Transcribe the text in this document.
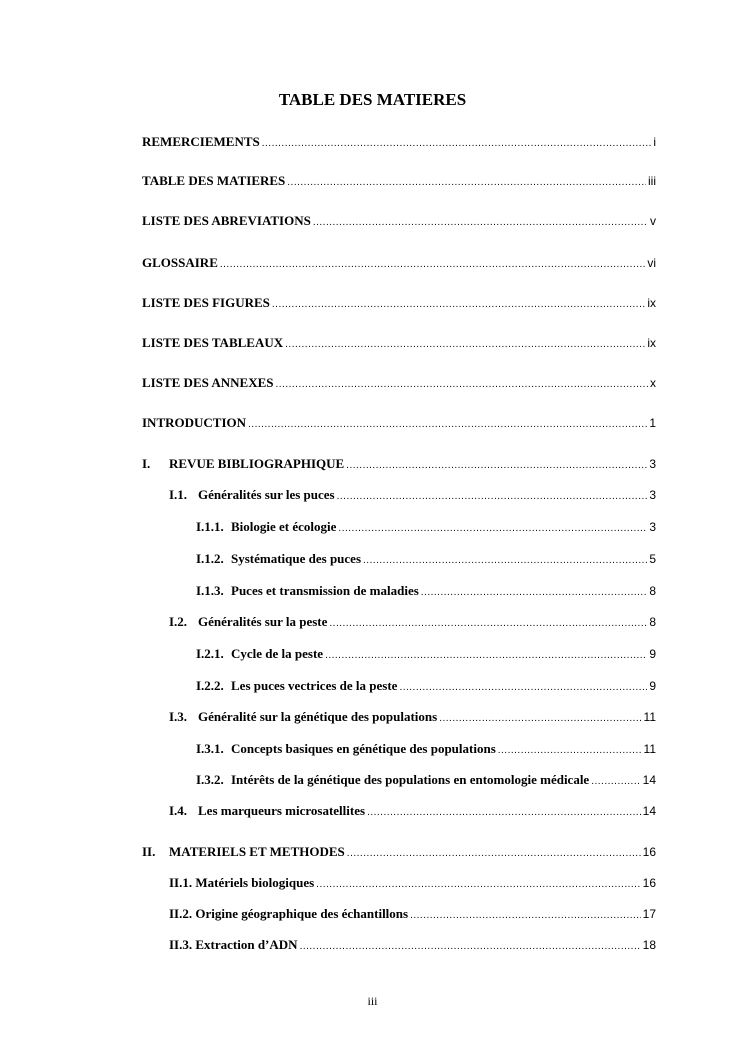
TABLE DES MATIERES
REMERCIEMENTS .....	i
TABLE DES MATIERES .....	iii
LISTE DES ABREVIATIONS .....	v
GLOSSAIRE .....	vi
LISTE DES FIGURES .....	ix
LISTE DES TABLEAUX .....	ix
LISTE DES ANNEXES .....	x
INTRODUCTION .....	1
I.	REVUE BIBLIOGRAPHIQUE .....	3
I.1. Généralités sur les puces .....	3
I.1.1. Biologie et écologie .....	3
I.1.2. Systématique des puces .....	5
I.1.3. Puces et transmission de maladies .....	8
I.2. Généralités sur la peste .....	8
I.2.1. Cycle de la peste .....	9
I.2.2. Les puces vectrices de la peste .....	9
I.3. Généralité sur la génétique des populations .....	11
I.3.1. Concepts basiques en génétique des populations .....	11
I.3.2. Intérêts de la génétique des populations en entomologie médicale .....	14
I.4. Les marqueurs microsatellites .....	14
II.	MATERIELS ET METHODES .....	16
II.1. Matériels biologiques .....	16
II.2. Origine géographique des échantillons .....	17
II.3. Extraction d’ADN .....	18
iii
